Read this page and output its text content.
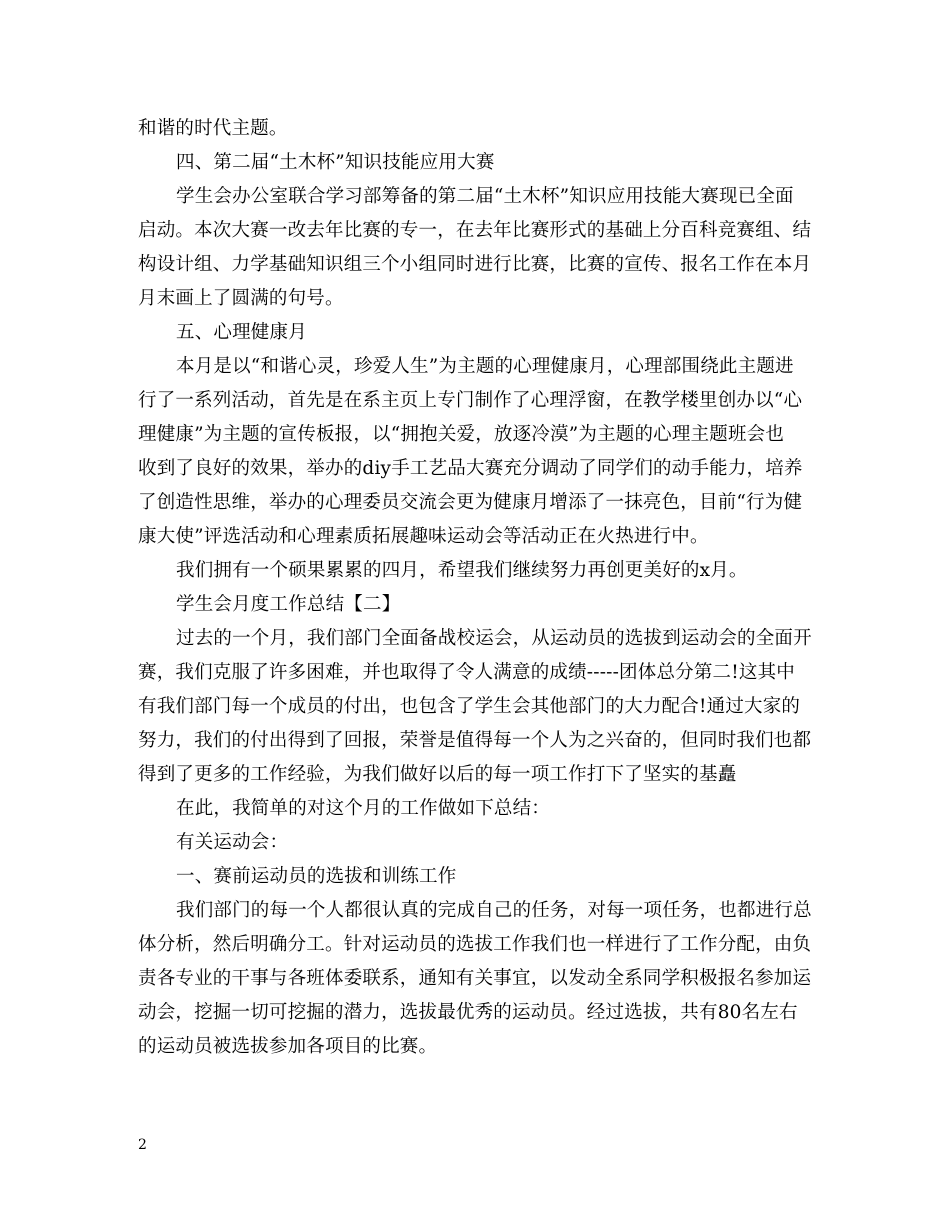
和谐的时代主题。
四、第二届“土木杯”知识技能应用大赛
学生会办公室联合学习部筹备的第二届“土木杯”知识应用技能大赛现已全面
启动。本次大赛一改去年比赛的专一，在去年比赛形式的基础上分百科竞赛组、结
构设计组、力学基础知识组三个小组同时进行比赛，比赛的宣传、报名工作在本月
月末画上了圆满的句号。
五、心理健康月
本月是以“和谐心灵，珍爱人生”为主题的心理健康月，心理部围绕此主题进
行了一系列活动，首先是在系主页上专门制作了心理浮窗，在教学楼里创办以“心
理健康”为主题的宣传板报，以“拥抱关爱，放逐冷漠”为主题的心理主题班会也
收到了良好的效果，举办的diy手工艺品大赛充分调动了同学们的动手能力，培养
了创造性思维，举办的心理委员交流会更为健康月增添了一抹亮色，目前“行为健
康大使”评选活动和心理素质拓展趣味运动会等活动正在火热进行中。
我们拥有一个硕果累累的四月，希望我们继续努力再创更美好的x月。
学生会月度工作总结【二】
过去的一个月，我们部门全面备战校运会，从运动员的选拔到运动会的全面开
赛，我们克服了许多困难，并也取得了令人满意的成绩-----团体总分第二!这其中
有我们部门每一个成员的付出，也包含了学生会其他部门的大力配合!通过大家的
努力，我们的付出得到了回报，荣誉是值得每一个人为之兴奋的，但同时我们也都
得到了更多的工作经验，为我们做好以后的每一项工作打下了坚实的基矗
在此，我简单的对这个月的工作做如下总结：
有关运动会：
一、赛前运动员的选拔和训练工作
我们部门的每一个人都很认真的完成自己的任务，对每一项任务，也都进行总
体分析，然后明确分工。针对运动员的选拔工作我们也一样进行了工作分配，由负
责各专业的干事与各班体委联系，通知有关事宜，以发动全系同学积极报名参加运
动会，挖掘一切可挖掘的潜力，选拔最优秀的运动员。经过选拔，共有80名左右
的运动员被选拔参加各项目的比赛。
2
